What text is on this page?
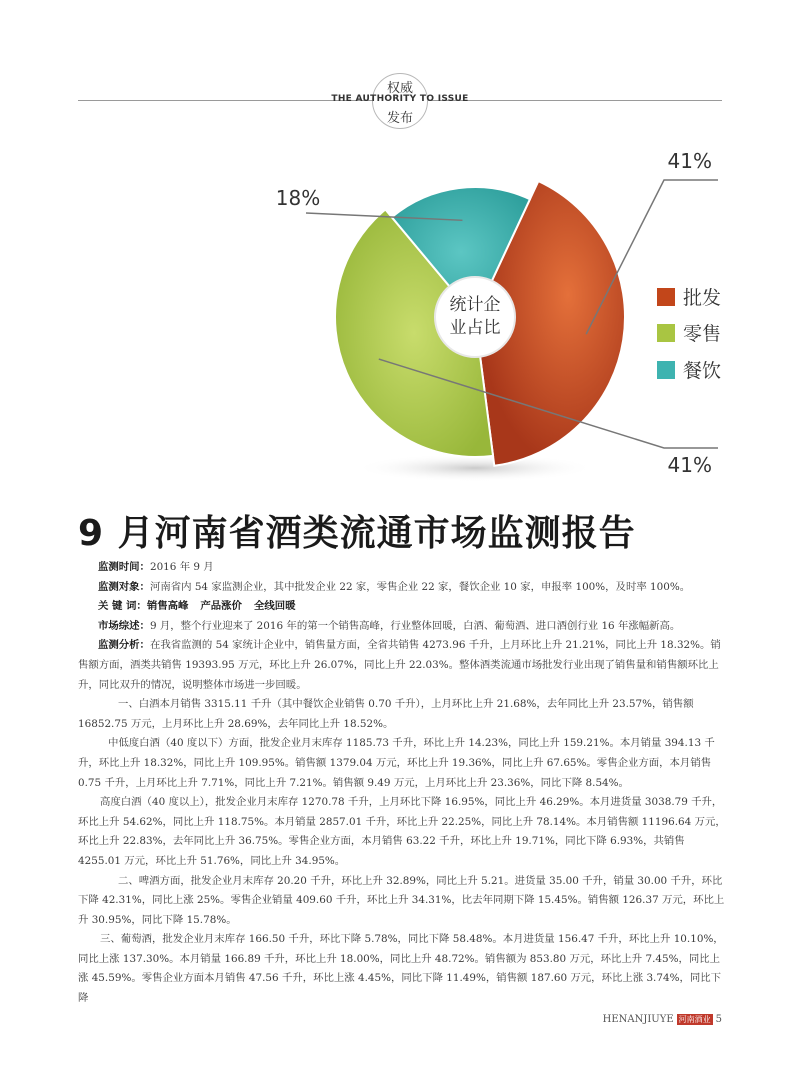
权威
THE AUTHORITY TO ISSUE
发布
41%
41%
18%
统计企
业占比
批发
零售
餐饮
9 月河南省酒类流通市场监测报告

监测时间：2016 年 9 月

监测对象：河南省内 54 家监测企业，其中批发企业 22 家，零售企业 22 家，餐饮企业 10 家，申报率 100%，及时率 100%。

关 键 词：销售高峰 产品涨价 全线回暖

市场综述：9 月，整个行业迎来了 2016 年的第一个销售高峰，行业整体回暖，白酒、葡萄酒、进口酒创行业 16 年涨幅新高。

监测分析：在我省监测的 54 家统计企业中，销售量方面，全省共销售 4273.96 千升，上月环比上升 21.21%，同比上升 18.32%。销售额方面，酒类共销售 19393.95 万元，环比上升 26.07%，同比上升 22.03%。整体酒类流通市场批发行业出现了销售量和销售额环比上升，同比双升的情况，说明整体市场进一步回暖。

一、白酒本月销售 3315.11 千升（其中餐饮企业销售 0.70 千升），上月环比上升 21.68%，去年同比上升 23.57%，销售额 16852.75 万元，上月环比上升 28.69%，去年同比上升 18.52%。

中低度白酒（40 度以下）方面，批发企业月末库存 1185.73 千升，环比上升 14.23%，同比上升 159.21%。本月销量 394.13 千升，环比上升 18.32%，同比上升 109.95%。销售额 1379.04 万元，环比上升 19.36%，同比上升 67.65%。零售企业方面，本月销售 0.75 千升，上月环比上升 7.71%，同比上升 7.21%。销售额 9.49 万元，上月环比上升 23.36%，同比下降 8.54%。

高度白酒（40 度以上），批发企业月末库存 1270.78 千升，上月环比下降 16.95%，同比上升 46.29%。本月进货量 3038.79 千升，环比上升 54.62%，同比上升 118.75%。本月销量 2857.01 千升，环比上升 22.25%，同比上升 78.14%。本月销售额 11196.64 万元，环比上升 22.83%，去年同比上升 36.75%。零售企业方面，本月销售 63.22 千升，环比上升 19.71%，同比下降 6.93%，共销售 4255.01 万元，环比上升 51.76%，同比上升 34.95%。

二、啤酒方面，批发企业月末库存 20.20 千升，环比上升 32.89%，同比上升 5.21。进货量 35.00 千升，销量 30.00 千升，环比下降 42.31%，同比上涨 25%。零售企业销量 409.60 千升，环比上升 34.31%，比去年同期下降 15.45%。销售额 126.37 万元，环比上升 30.95%，同比下降 15.78%。

三、葡萄酒，批发企业月末库存 166.50 千升，环比下降 5.78%，同比下降 58.48%。本月进货量 156.47 千升，环比上升 10.10%，同比上涨 137.30%。本月销量 166.89 千升，环比上升 18.00%，同比上升 48.72%。销售额为 853.80 万元，环比上升 7.45%，同比上涨 45.59%。零售企业方面本月销售 47.56 千升，环比上涨 4.45%，同比下降 11.49%，销售额 187.60 万元，环比上涨 3.74%，同比下降

HENANJIUYE 河南酒业 5
